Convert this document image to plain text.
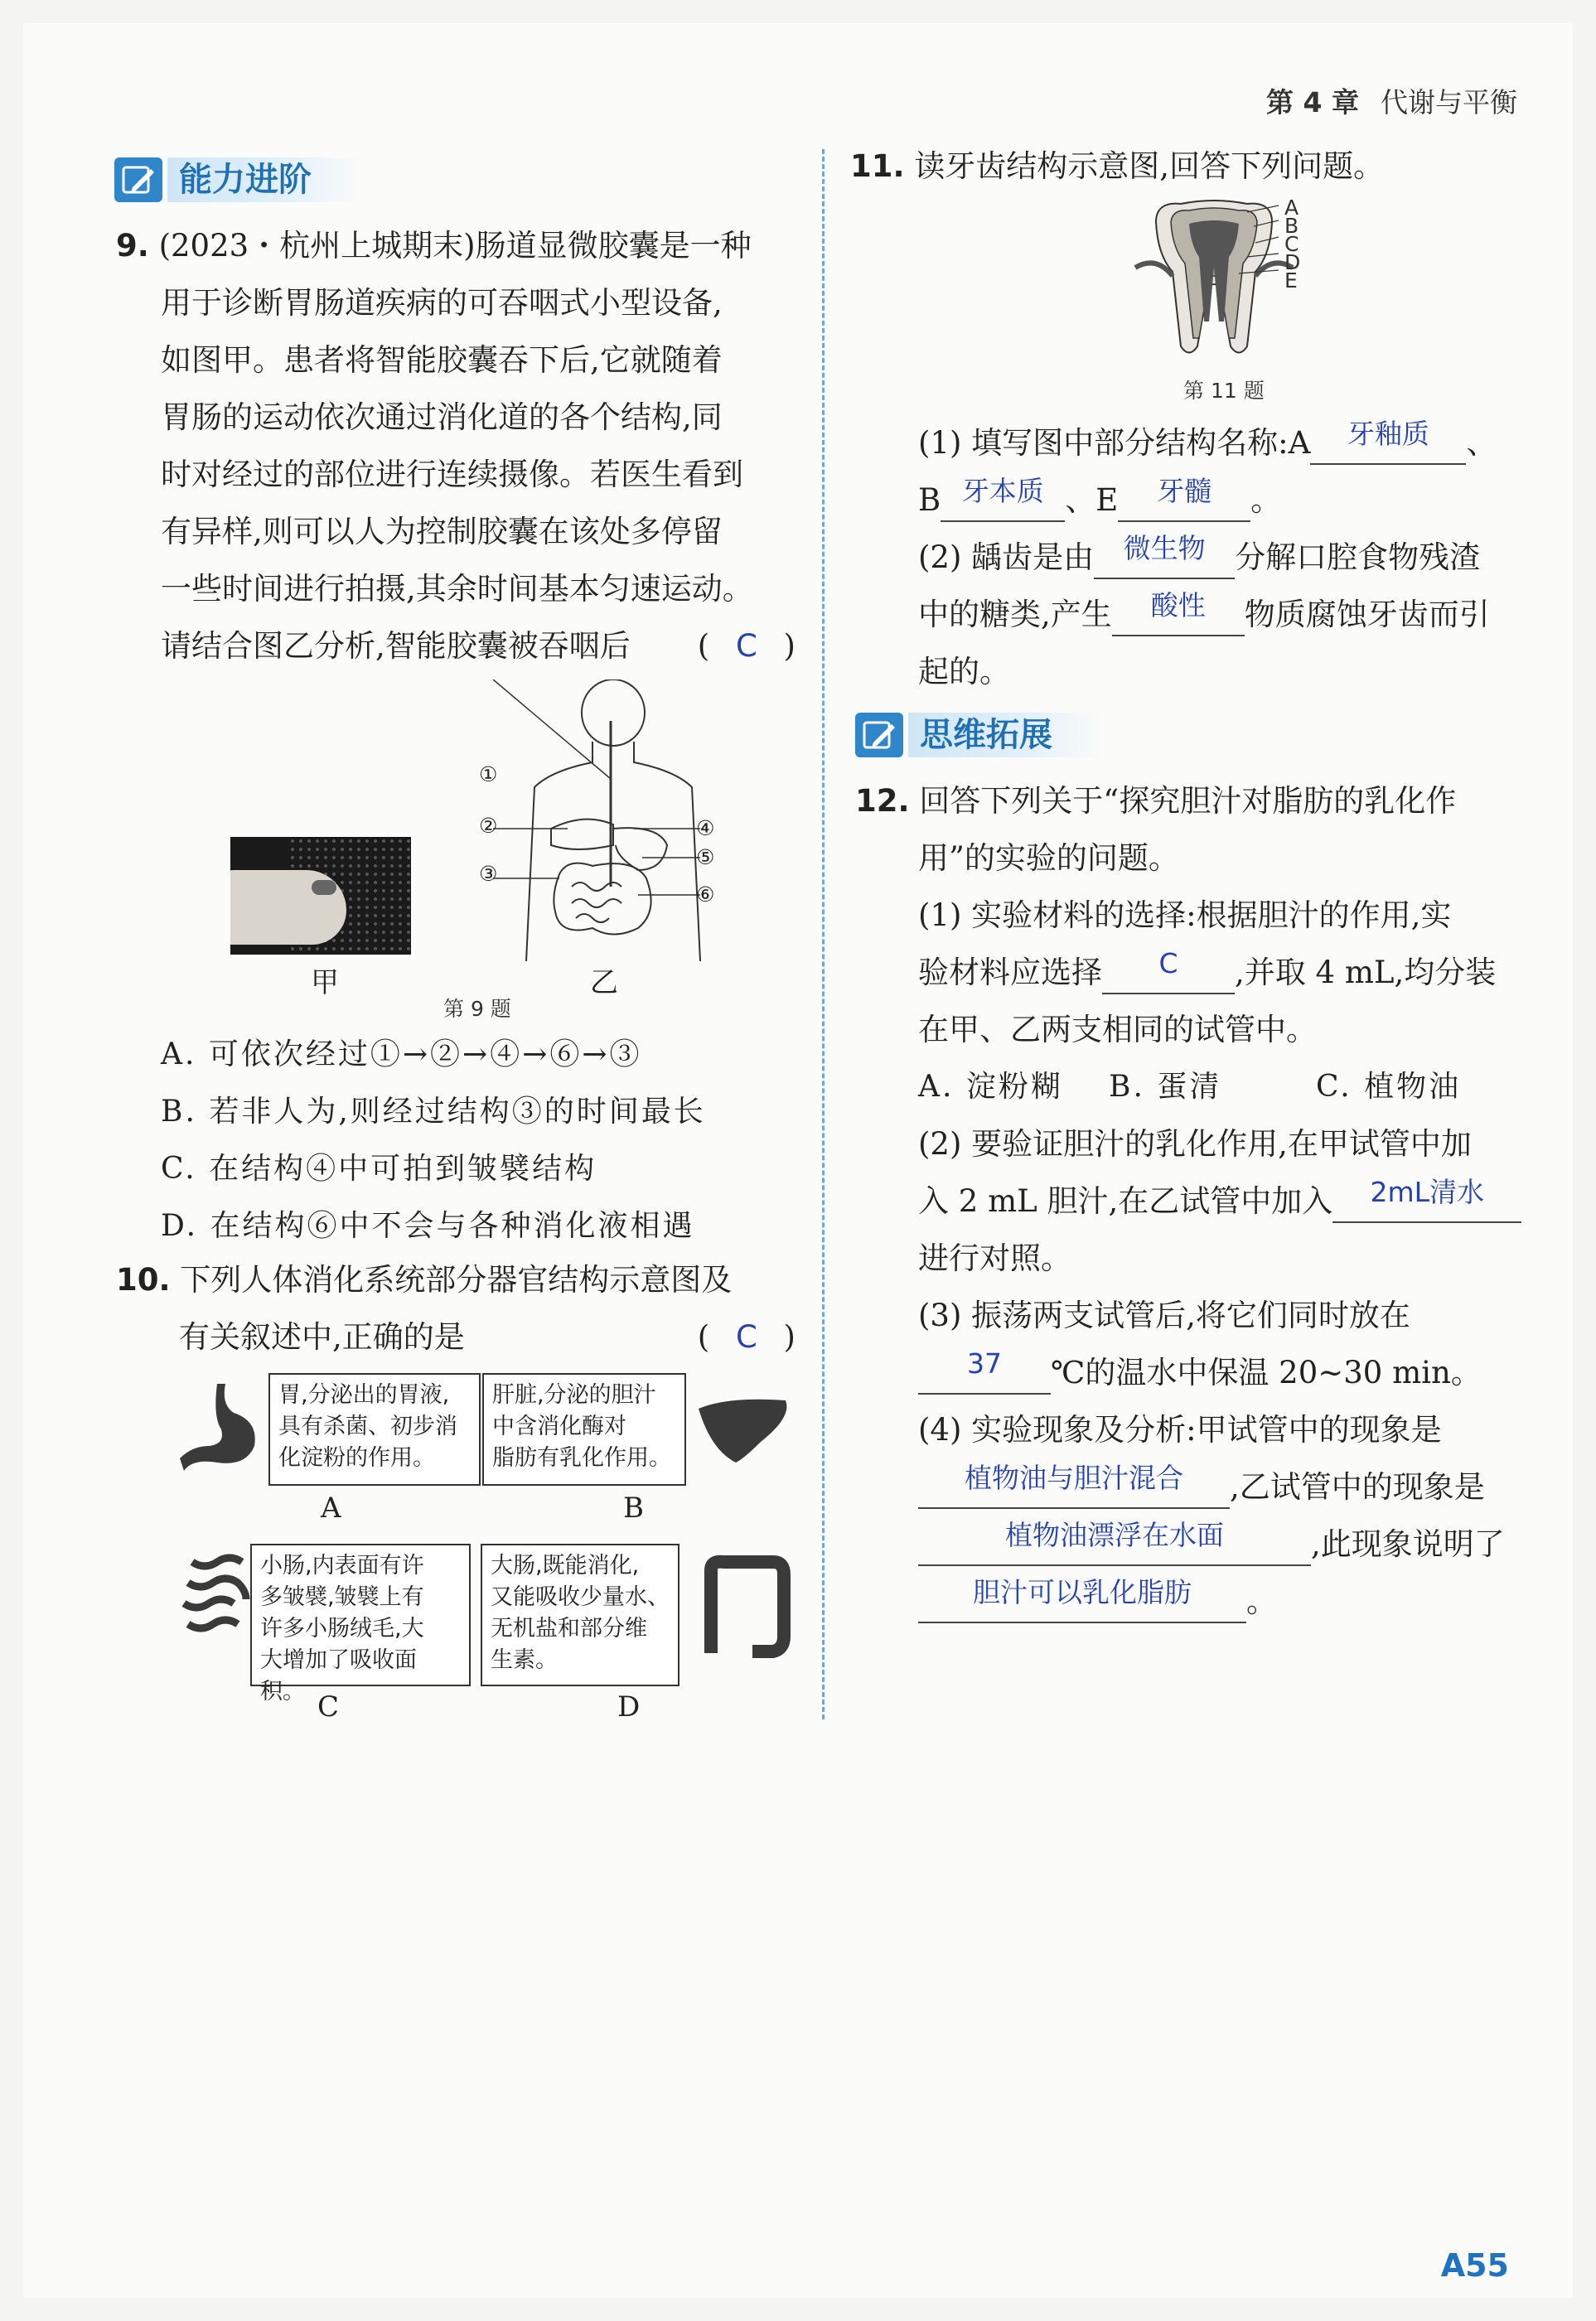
第 4 章 代谢与平衡
能力进阶
9. (2023・杭州上城期末)肠道显微胶囊是一种
用于诊断胃肠道疾病的可吞咽式小型设备,
如图甲。患者将智能胶囊吞下后,它就随着
胃肠的运动依次通过消化道的各个结构,同
时对经过的部位进行连续摄像。若医生看到
有异样,则可以人为控制胶囊在该处多停留
一些时间进行拍摄,其余时间基本匀速运动。
请结合图乙分析,智能胶囊被吞咽后 ( C )
甲
①
②
③
④
⑤
⑥
乙
第 9 题
A. 可依次经过①→②→④→⑥→③
B. 若非人为,则经过结构③的时间最长
C. 在结构④中可拍到皱襞结构
D. 在结构⑥中不会与各种消化液相遇
10. 下列人体消化系统部分器官结构示意图及
有关叙述中,正确的是	( C )
胃,分泌出的胃液,
具有杀菌、初步消
化淀粉的作用。
肝脏,分泌的胆汁
中含消化酶对
脂肪有乳化作用。
A	B
小肠,内表面有许
多皱襞,皱襞上有
许多小肠绒毛,大
大增加了吸收面积。
大肠,既能消化,
又能吸收少量水、
无机盐和部分维
生素。
C	D
11. 读牙齿结构示意图,回答下列问题。
A
B
C
D
E
第 11 题
(1) 填写图中部分结构名称:A 牙釉质 、
B 牙本质 、E 牙髓 。
(2) 龋齿是由 微生物 分解口腔食物残渣
中的糖类,产生 酸性 物质腐蚀牙齿而引
起的。
思维拓展
12. 回答下列关于“探究胆汁对脂肪的乳化作
用”的实验的问题。
(1) 实验材料的选择:根据胆汁的作用,实
验材料应选择 C ,并取 4 mL,均分装
在甲、乙两支相同的试管中。
A. 淀粉糊	B. 蛋清	C. 植物油
(2) 要验证胆汁的乳化作用,在甲试管中加
入 2 mL 胆汁,在乙试管中加入 2mL清水
进行对照。
(3) 振荡两支试管后,将它们同时放在
37 ℃的温水中保温 20~30 min。
(4) 实验现象及分析:甲试管中的现象是
植物油与胆汁混合 ,乙试管中的现象是
植物油漂浮在水面	,此现象说明了
胆汁可以乳化脂肪 。
A55
